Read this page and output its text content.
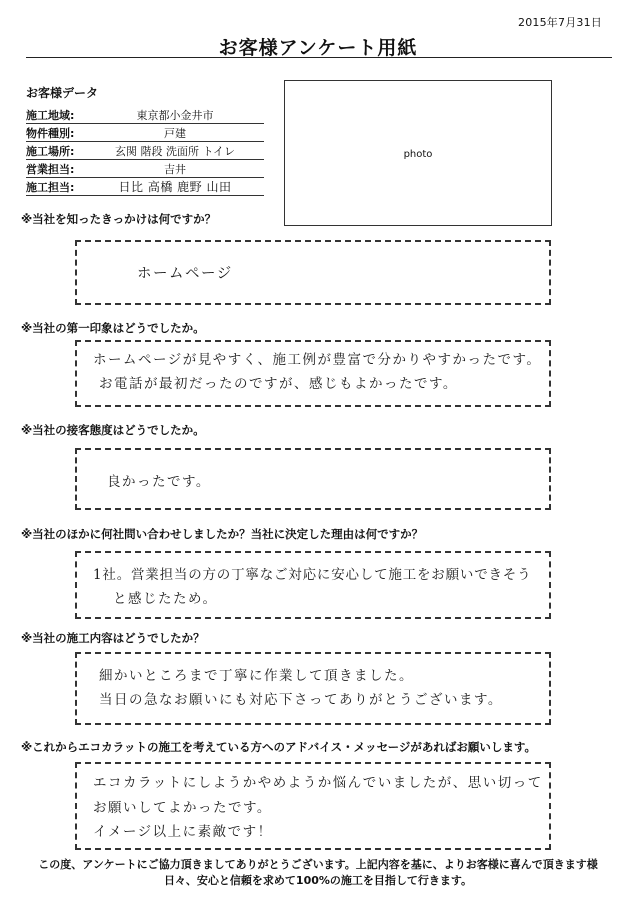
2015年7月31日
お客様アンケート用紙
お客様データ
施工地域:	東京都小金井市
物件種別:	戸建
施工場所:	玄関 階段 洗面所 トイレ
営業担当:	吉井
施工担当:	日比 高橋 鹿野 山田
photo
※当社を知ったきっかけは何ですか？
ホームページ
※当社の第一印象はどうでしたか。
ホームページが見やすく、施工例が豊富で分かりやすかったです。
お電話が最初だったのですが、感じもよかったです。
※当社の接客態度はどうでしたか。
良かったです。
※当社のほかに何社問い合わせしましたか？当社に決定した理由は何ですか？
1社。営業担当の方の丁寧なご対応に安心して施工をお願いできそう
と感じたため。
※当社の施工内容はどうでしたか？
細かいところまで丁寧に作業して頂きました。
当日の急なお願いにも対応下さってありがとうございます。
※これからエコカラットの施工を考えている方へのアドバイス・メッセージがあればお願いします。
エコカラットにしようかやめようか悩んでいましたが、思い切って
お願いしてよかったです。
イメージ以上に素敵です！
この度、アンケートにご協力頂きましてありがとうございます。上記内容を基に、よりお客様に喜んで頂きます様
日々、安心と信頼を求めて100%の施工を目指して行きます。
